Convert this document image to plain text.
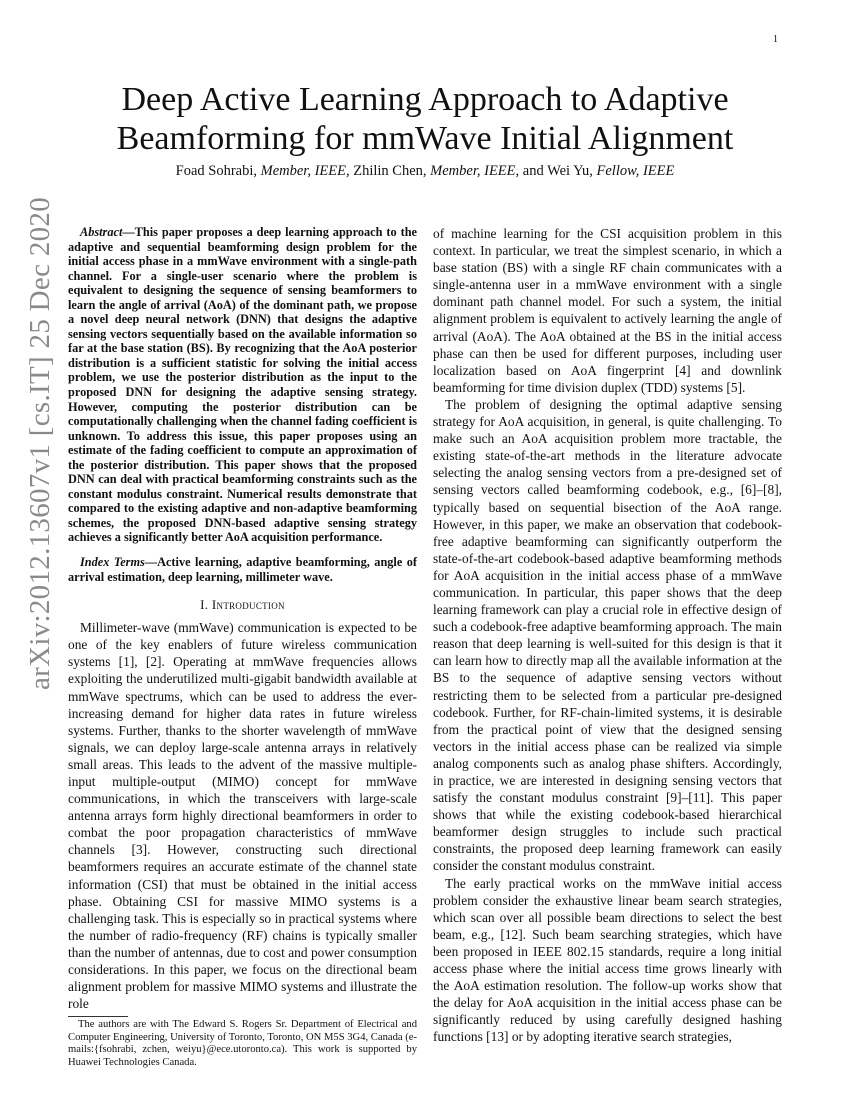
1
arXiv:2012.13607v1 [cs.IT] 25 Dec 2020
Deep Active Learning Approach to Adaptive Beamforming for mmWave Initial Alignment
Foad Sohrabi, Member, IEEE, Zhilin Chen, Member, IEEE, and Wei Yu, Fellow, IEEE

Abstract—This paper proposes a deep learning approach to the adaptive and sequential beamforming design problem for the initial access phase in a mmWave environment with a single-path channel. For a single-user scenario where the problem is equivalent to designing the sequence of sensing beamformers to learn the angle of arrival (AoA) of the dominant path, we propose a novel deep neural network (DNN) that designs the adaptive sensing vectors sequentially based on the available information so far at the base station (BS). By recognizing that the AoA posterior distribution is a sufficient statistic for solving the initial access problem, we use the posterior distribution as the input to the proposed DNN for designing the adaptive sensing strategy. However, computing the posterior distribution can be computationally challenging when the channel fading coefficient is unknown. To address this issue, this paper proposes using an estimate of the fading coefficient to compute an approximation of the posterior distribution. This paper shows that the proposed DNN can deal with practical beamforming constraints such as the constant modulus constraint. Numerical results demonstrate that compared to the existing adaptive and non-adaptive beamforming schemes, the proposed DNN-based adaptive sensing strategy achieves a significantly better AoA acquisition performance.

Index Terms—Active learning, adaptive beamforming, angle of arrival estimation, deep learning, millimeter wave.

I. Introduction

Millimeter-wave (mmWave) communication is expected to be one of the key enablers of future wireless communication systems [1], [2]. Operating at mmWave frequencies allows exploiting the underutilized multi-gigabit bandwidth available at mmWave spectrums, which can be used to address the ever-increasing demand for higher data rates in future wireless systems. Further, thanks to the shorter wavelength of mmWave signals, we can deploy large-scale antenna arrays in relatively small areas. This leads to the advent of the massive multiple-input multiple-output (MIMO) concept for mmWave communications, in which the transceivers with large-scale antenna arrays form highly directional beamformers in order to combat the poor propagation characteristics of mmWave channels [3]. However, constructing such directional beamformers requires an accurate estimate of the channel state information (CSI) that must be obtained in the initial access phase. Obtaining CSI for massive MIMO systems is a challenging task. This is especially so in practical systems where the number of radio-frequency (RF) chains is typically smaller than the number of antennas, due to cost and power consumption considerations. In this paper, we focus on the directional beam alignment problem for massive MIMO systems and illustrate the role

The authors are with The Edward S. Rogers Sr. Department of Electrical and Computer Engineering, University of Toronto, Toronto, ON M5S 3G4, Canada (e-mails:{fsohrabi, zchen, weiyu}@ece.utoronto.ca). This work is supported by Huawei Technologies Canada.

of machine learning for the CSI acquisition problem in this context. In particular, we treat the simplest scenario, in which a base station (BS) with a single RF chain communicates with a single-antenna user in a mmWave environment with a single dominant path channel model. For such a system, the initial alignment problem is equivalent to actively learning the angle of arrival (AoA). The AoA obtained at the BS in the initial access phase can then be used for different purposes, including user localization based on AoA fingerprint [4] and downlink beamforming for time division duplex (TDD) systems [5].

The problem of designing the optimal adaptive sensing strategy for AoA acquisition, in general, is quite challenging. To make such an AoA acquisition problem more tractable, the existing state-of-the-art methods in the literature advocate selecting the analog sensing vectors from a pre-designed set of sensing vectors called beamforming codebook, e.g., [6]–[8], typically based on sequential bisection of the AoA range. However, in this paper, we make an observation that codebook-free adaptive beamforming can significantly outperform the state-of-the-art codebook-based adaptive beamforming methods for AoA acquisition in the initial access phase of a mmWave communication. In particular, this paper shows that the deep learning framework can play a crucial role in effective design of such a codebook-free adaptive beamforming approach. The main reason that deep learning is well-suited for this design is that it can learn how to directly map all the available information at the BS to the sequence of adaptive sensing vectors without restricting them to be selected from a particular pre-designed codebook. Further, for RF-chain-limited systems, it is desirable from the practical point of view that the designed sensing vectors in the initial access phase can be realized via simple analog components such as analog phase shifters. Accordingly, in practice, we are interested in designing sensing vectors that satisfy the constant modulus constraint [9]–[11]. This paper shows that while the existing codebook-based hierarchical beamformer design struggles to include such practical constraints, the proposed deep learning framework can easily consider the constant modulus constraint.

The early practical works on the mmWave initial access problem consider the exhaustive linear beam search strategies, which scan over all possible beam directions to select the best beam, e.g., [12]. Such beam searching strategies, which have been proposed in IEEE 802.15 standards, require a long initial access phase where the initial access time grows linearly with the AoA estimation resolution. The follow-up works show that the delay for AoA acquisition in the initial access phase can be significantly reduced by using carefully designed hashing functions [13] or by adopting iterative search strategies,
